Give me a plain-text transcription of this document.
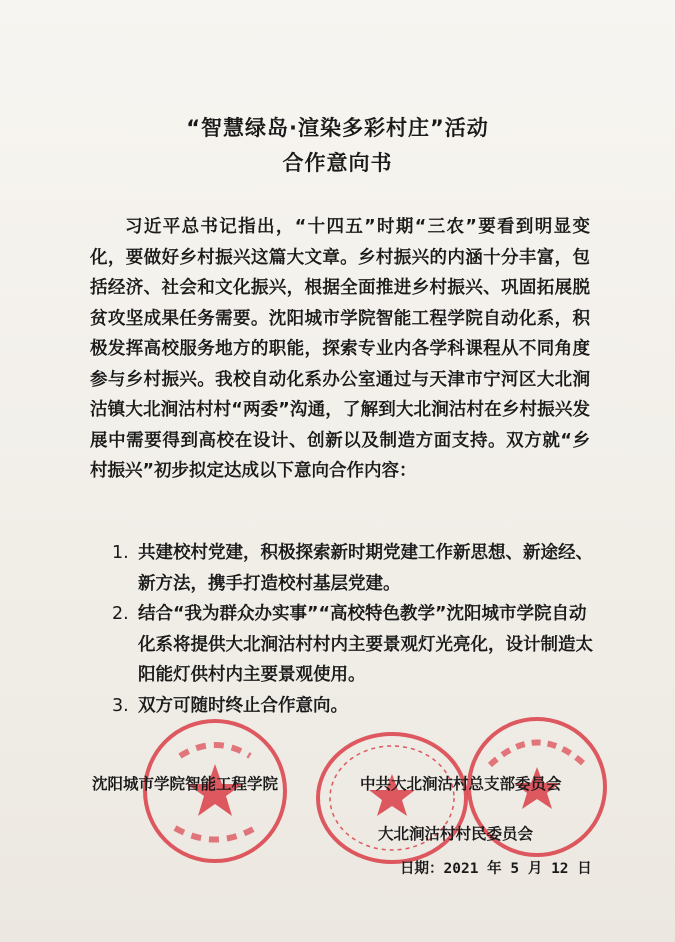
“智慧绿岛·渲染多彩村庄”活动
合作意向书
习近平总书记指出，“十四五”时期“三农”要看到明显变化，要做好乡村振兴这篇大文章。乡村振兴的内涵十分丰富，包括经济、社会和文化振兴，根据全面推进乡村振兴、巩固拓展脱贫攻坚成果任务需要。沈阳城市学院智能工程学院自动化系，积极发挥高校服务地方的职能，探索专业内各学科课程从不同角度参与乡村振兴。我校自动化系办公室通过与天津市宁河区大北涧沽镇大北涧沽村村“两委”沟通，了解到大北涧沽村在乡村振兴发展中需要得到高校在设计、创新以及制造方面支持。双方就“乡村振兴”初步拟定达成以下意向合作内容：
1. 共建校村党建，积极探索新时期党建工作新思想、新途经、新方法，携手打造校村基层党建。
2. 结合“我为群众办实事”“高校特色教学”沈阳城市学院自动化系将提供大北涧沽村村内主要景观灯光亮化，设计制造太阳能灯供村内主要景观使用。
3. 双方可随时终止合作意向。
沈阳城市学院智能工程学院	中共大北涧沽村总支部委员会
大北涧沽村村民委员会
日期：2021 年 5 月 12 日
